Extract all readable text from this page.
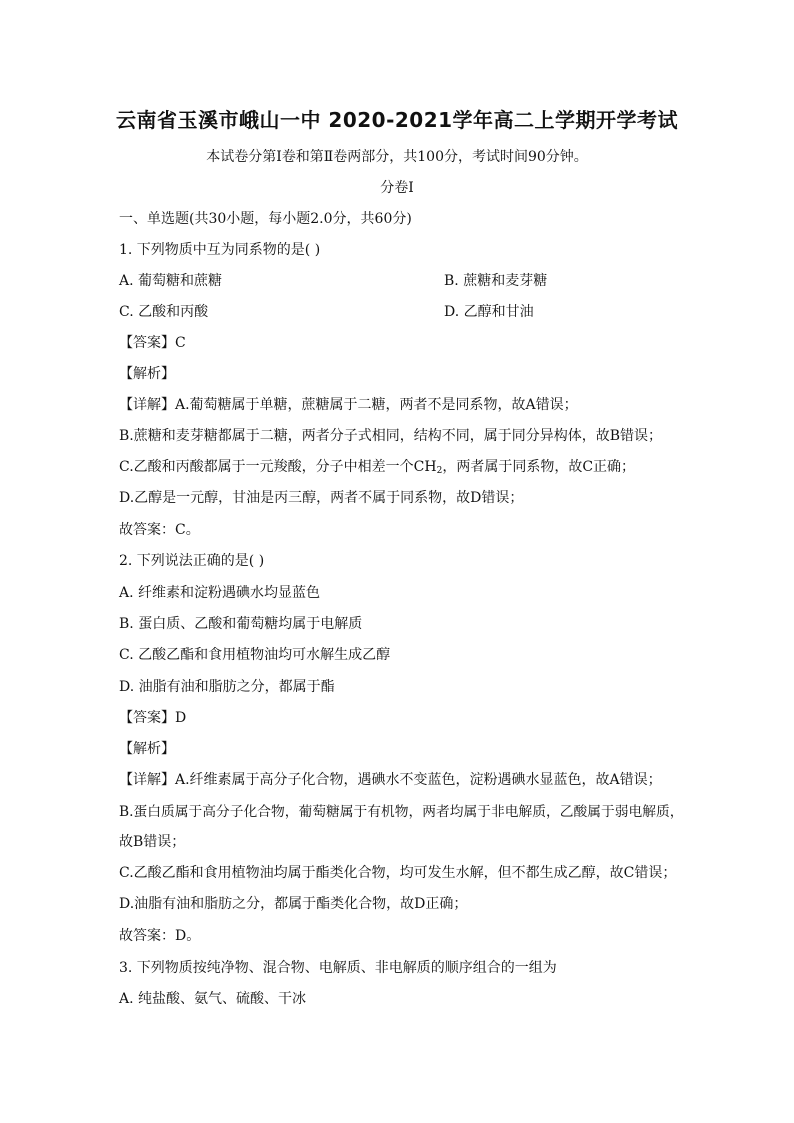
云南省玉溪市峨山一中 2020-2021学年高二上学期开学考试
本试卷分第Ⅰ卷和第Ⅱ卷两部分，共100分，考试时间90分钟。
分卷I
一、单选题(共30小题，每小题2.0分，共60分)
1. 下列物质中互为同系物的是( )
A. 葡萄糖和蔗糖	B. 蔗糖和麦芽糖
C. 乙酸和丙酸	D. 乙醇和甘油
【答案】C
【解析】
【详解】A.葡萄糖属于单糖，蔗糖属于二糖，两者不是同系物，故A错误；
B.蔗糖和麦芽糖都属于二糖，两者分子式相同，结构不同，属于同分异构体，故B错误；
C.乙酸和丙酸都属于一元羧酸，分子中相差一个$CH_2$，两者属于同系物，故C正确；
D.乙醇是一元醇，甘油是丙三醇，两者不属于同系物，故D错误；
故答案：C。
2. 下列说法正确的是( )
A. 纤维素和淀粉遇碘水均显蓝色
B. 蛋白质、乙酸和葡萄糖均属于电解质
C. 乙酸乙酯和食用植物油均可水解生成乙醇
D. 油脂有油和脂肪之分，都属于酯
【答案】D
【解析】
【详解】A.纤维素属于高分子化合物，遇碘水不变蓝色，淀粉遇碘水显蓝色，故A错误；
B.蛋白质属于高分子化合物，葡萄糖属于有机物，两者均属于非电解质，乙酸属于弱电解质，
故B错误；
C.乙酸乙酯和食用植物油均属于酯类化合物，均可发生水解，但不都生成乙醇，故C错误；
D.油脂有油和脂肪之分，都属于酯类化合物，故D正确；
故答案：D。
3. 下列物质按纯净物、混合物、电解质、非电解质的顺序组合的一组为
A. 纯盐酸、氨气、硫酸、干冰
